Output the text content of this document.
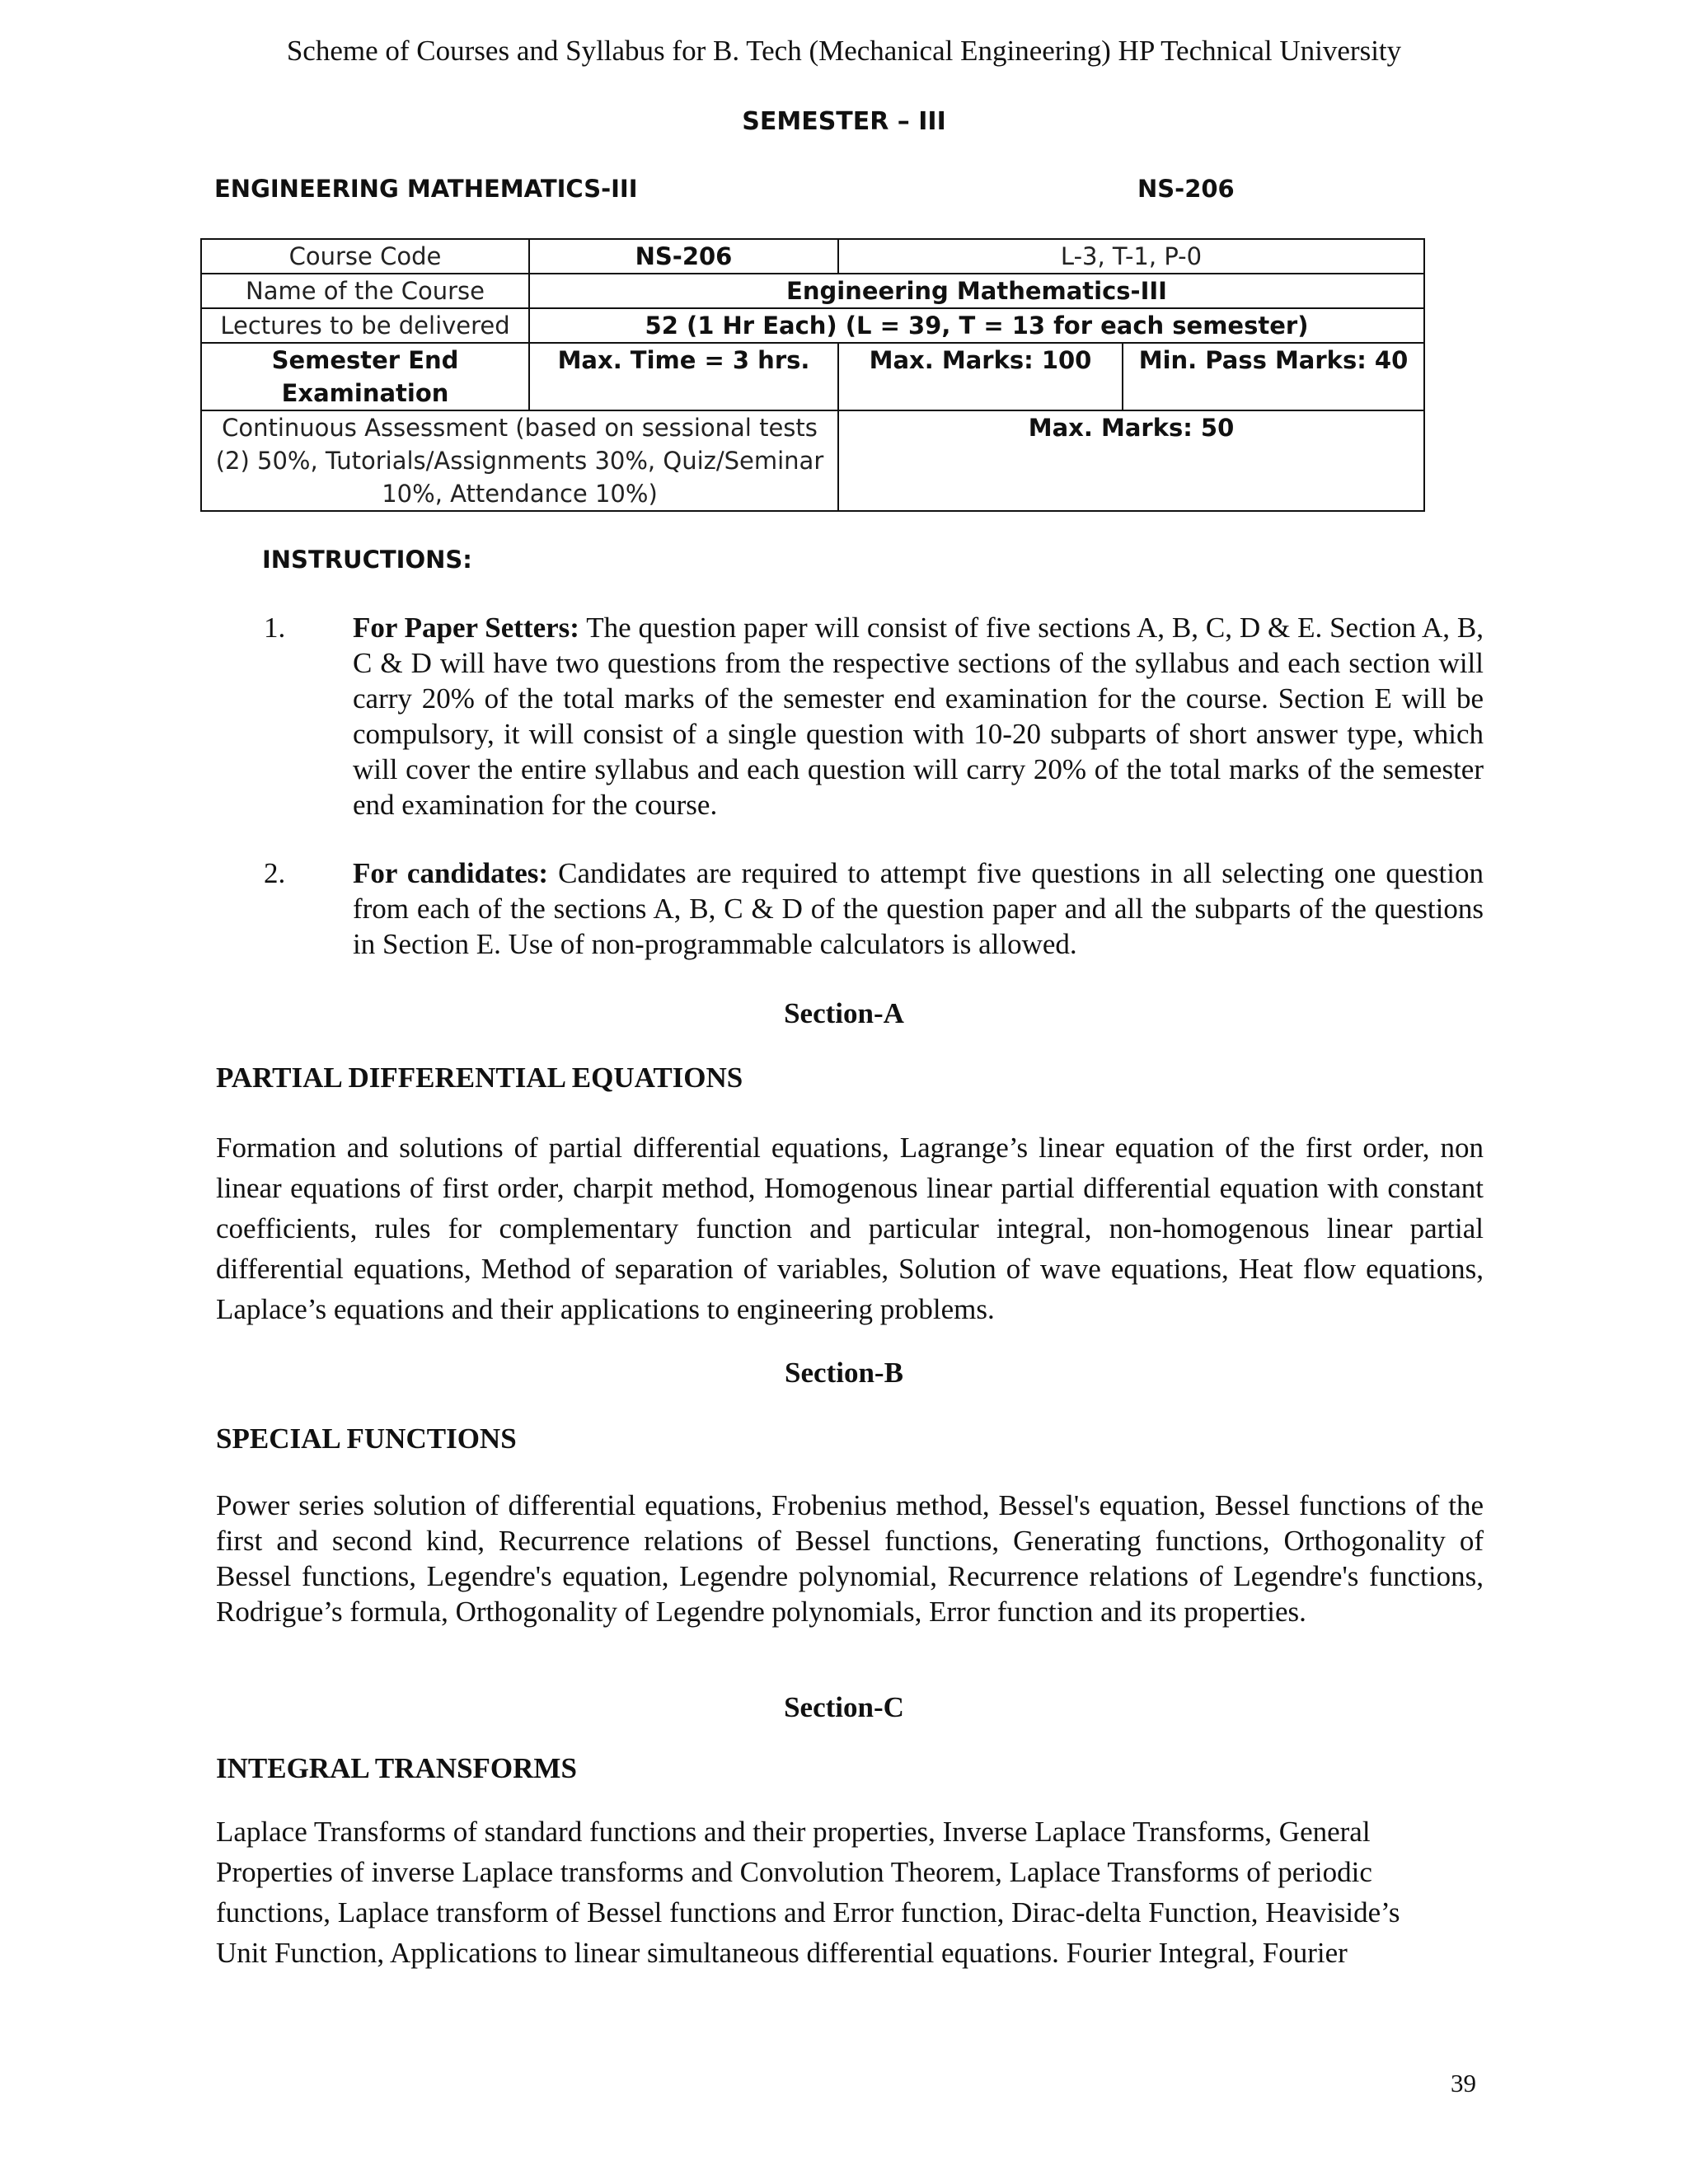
Scheme of Courses and Syllabus for B. Tech (Mechanical Engineering) HP Technical University
SEMESTER – III
ENGINEERING MATHEMATICS-III	NS-206
Course Code	NS-206	L-3, T-1, P-0	
Name of the Course	Engineering Mathematics-III		
Lectures to be delivered	52 (1 Hr Each) (L = 39, T = 13 for each semester)		
Semester End Examination	Max. Time = 3 hrs.	Max. Marks: 100	Min. Pass Marks: 40
Continuous Assessment (based on sessional tests (2) 50%, Tutorials/Assignments 30%, Quiz/Seminar 10%, Attendance 10%)		Max. Marks: 50	
INSTRUCTIONS:
1. For Paper Setters: The question paper will consist of five sections A, B, C, D & E. Section A, B, C & D will have two questions from the respective sections of the syllabus and each section will carry 20% of the total marks of the semester end examination for the course. Section E will be compulsory, it will consist of a single question with 10-20 subparts of short answer type, which will cover the entire syllabus and each question will carry 20% of the total marks of the semester end examination for the course.
2. For candidates: Candidates are required to attempt five questions in all selecting one question from each of the sections A, B, C & D of the question paper and all the subparts of the questions in Section E. Use of non-programmable calculators is allowed.
Section-A
PARTIAL DIFFERENTIAL EQUATIONS
Formation and solutions of partial differential equations, Lagrange’s linear equation of the first order, non linear equations of first order, charpit method, Homogenous linear partial differential equation with constant coefficients, rules for complementary function and particular integral, non-homogenous linear partial differential equations, Method of separation of variables, Solution of wave equations, Heat flow equations, Laplace’s equations and their applications to engineering problems.
Section-B
SPECIAL FUNCTIONS
Power series solution of differential equations, Frobenius method, Bessel's equation, Bessel functions of the first and second kind, Recurrence relations of Bessel functions, Generating functions, Orthogonality of Bessel functions, Legendre's equation, Legendre polynomial, Recurrence relations of Legendre's functions, Rodrigue’s formula, Orthogonality of Legendre polynomials, Error function and its properties.
Section-C
INTEGRAL TRANSFORMS
Laplace Transforms of standard functions and their properties, Inverse Laplace Transforms, General Properties of inverse Laplace transforms and Convolution Theorem, Laplace Transforms of periodic functions, Laplace transform of Bessel functions and Error function, Dirac-delta Function, Heaviside’s Unit Function, Applications to linear simultaneous differential equations. Fourier Integral, Fourier
39
